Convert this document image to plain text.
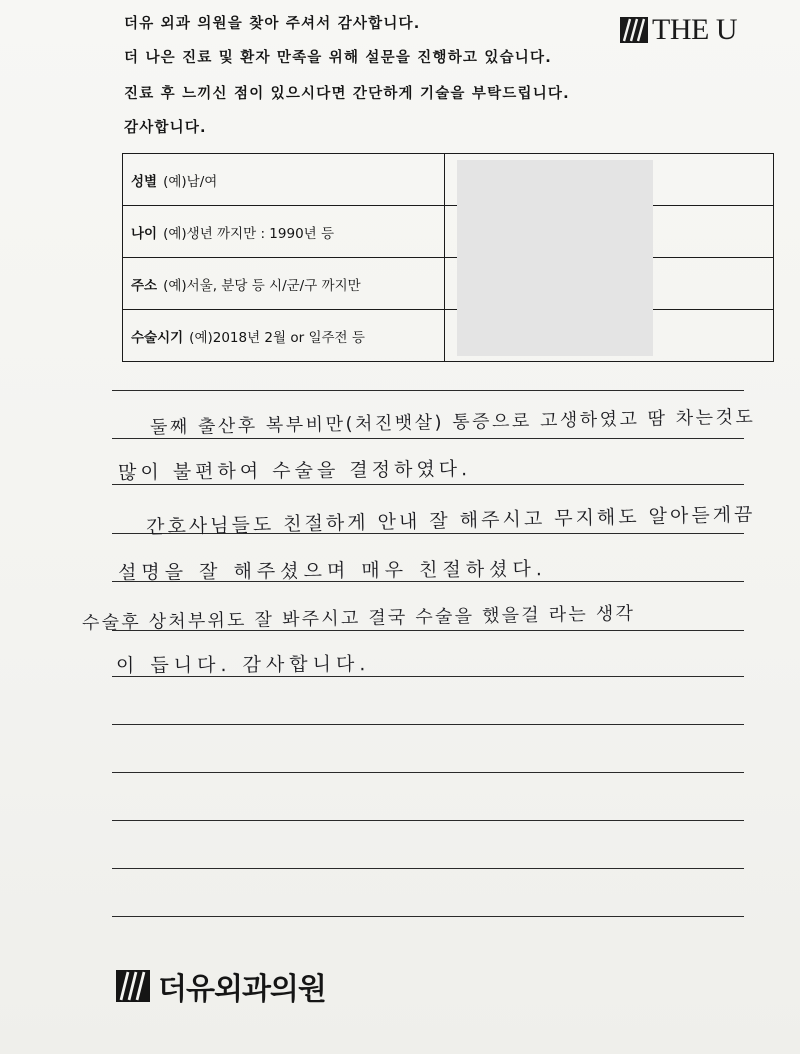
더유 외과 의원을 찾아 주셔서 감사합니다.
더 나은 진료 및 환자 만족을 위해 설문을 진행하고 있습니다.
진료 후 느끼신 점이 있으시다면 간단하게 기술을 부탁드립니다.
감사합니다.
THE U
성별 (예)남/여
나이 (예)생년 까지만 : 1990년 등
주소 (예)서울, 분당 등 시/군/구 까지만
수술시기 (예)2018년 2월 or 일주전 등
둘째 출산후 복부비만(처진뱃살) 통증으로 고생하였고 땀 차는것도
많이 불편하여 수술을 결정하였다.
간호사님들도 친절하게 안내 잘 해주시고 무지해도 알아듣게끔
설명을 잘 해주셨으며 매우 친절하셨다.
수술후 상처부위도 잘 봐주시고 결국 수술을 했을걸 라는 생각
이 듭니다. 감사합니다.
더유외과의원
